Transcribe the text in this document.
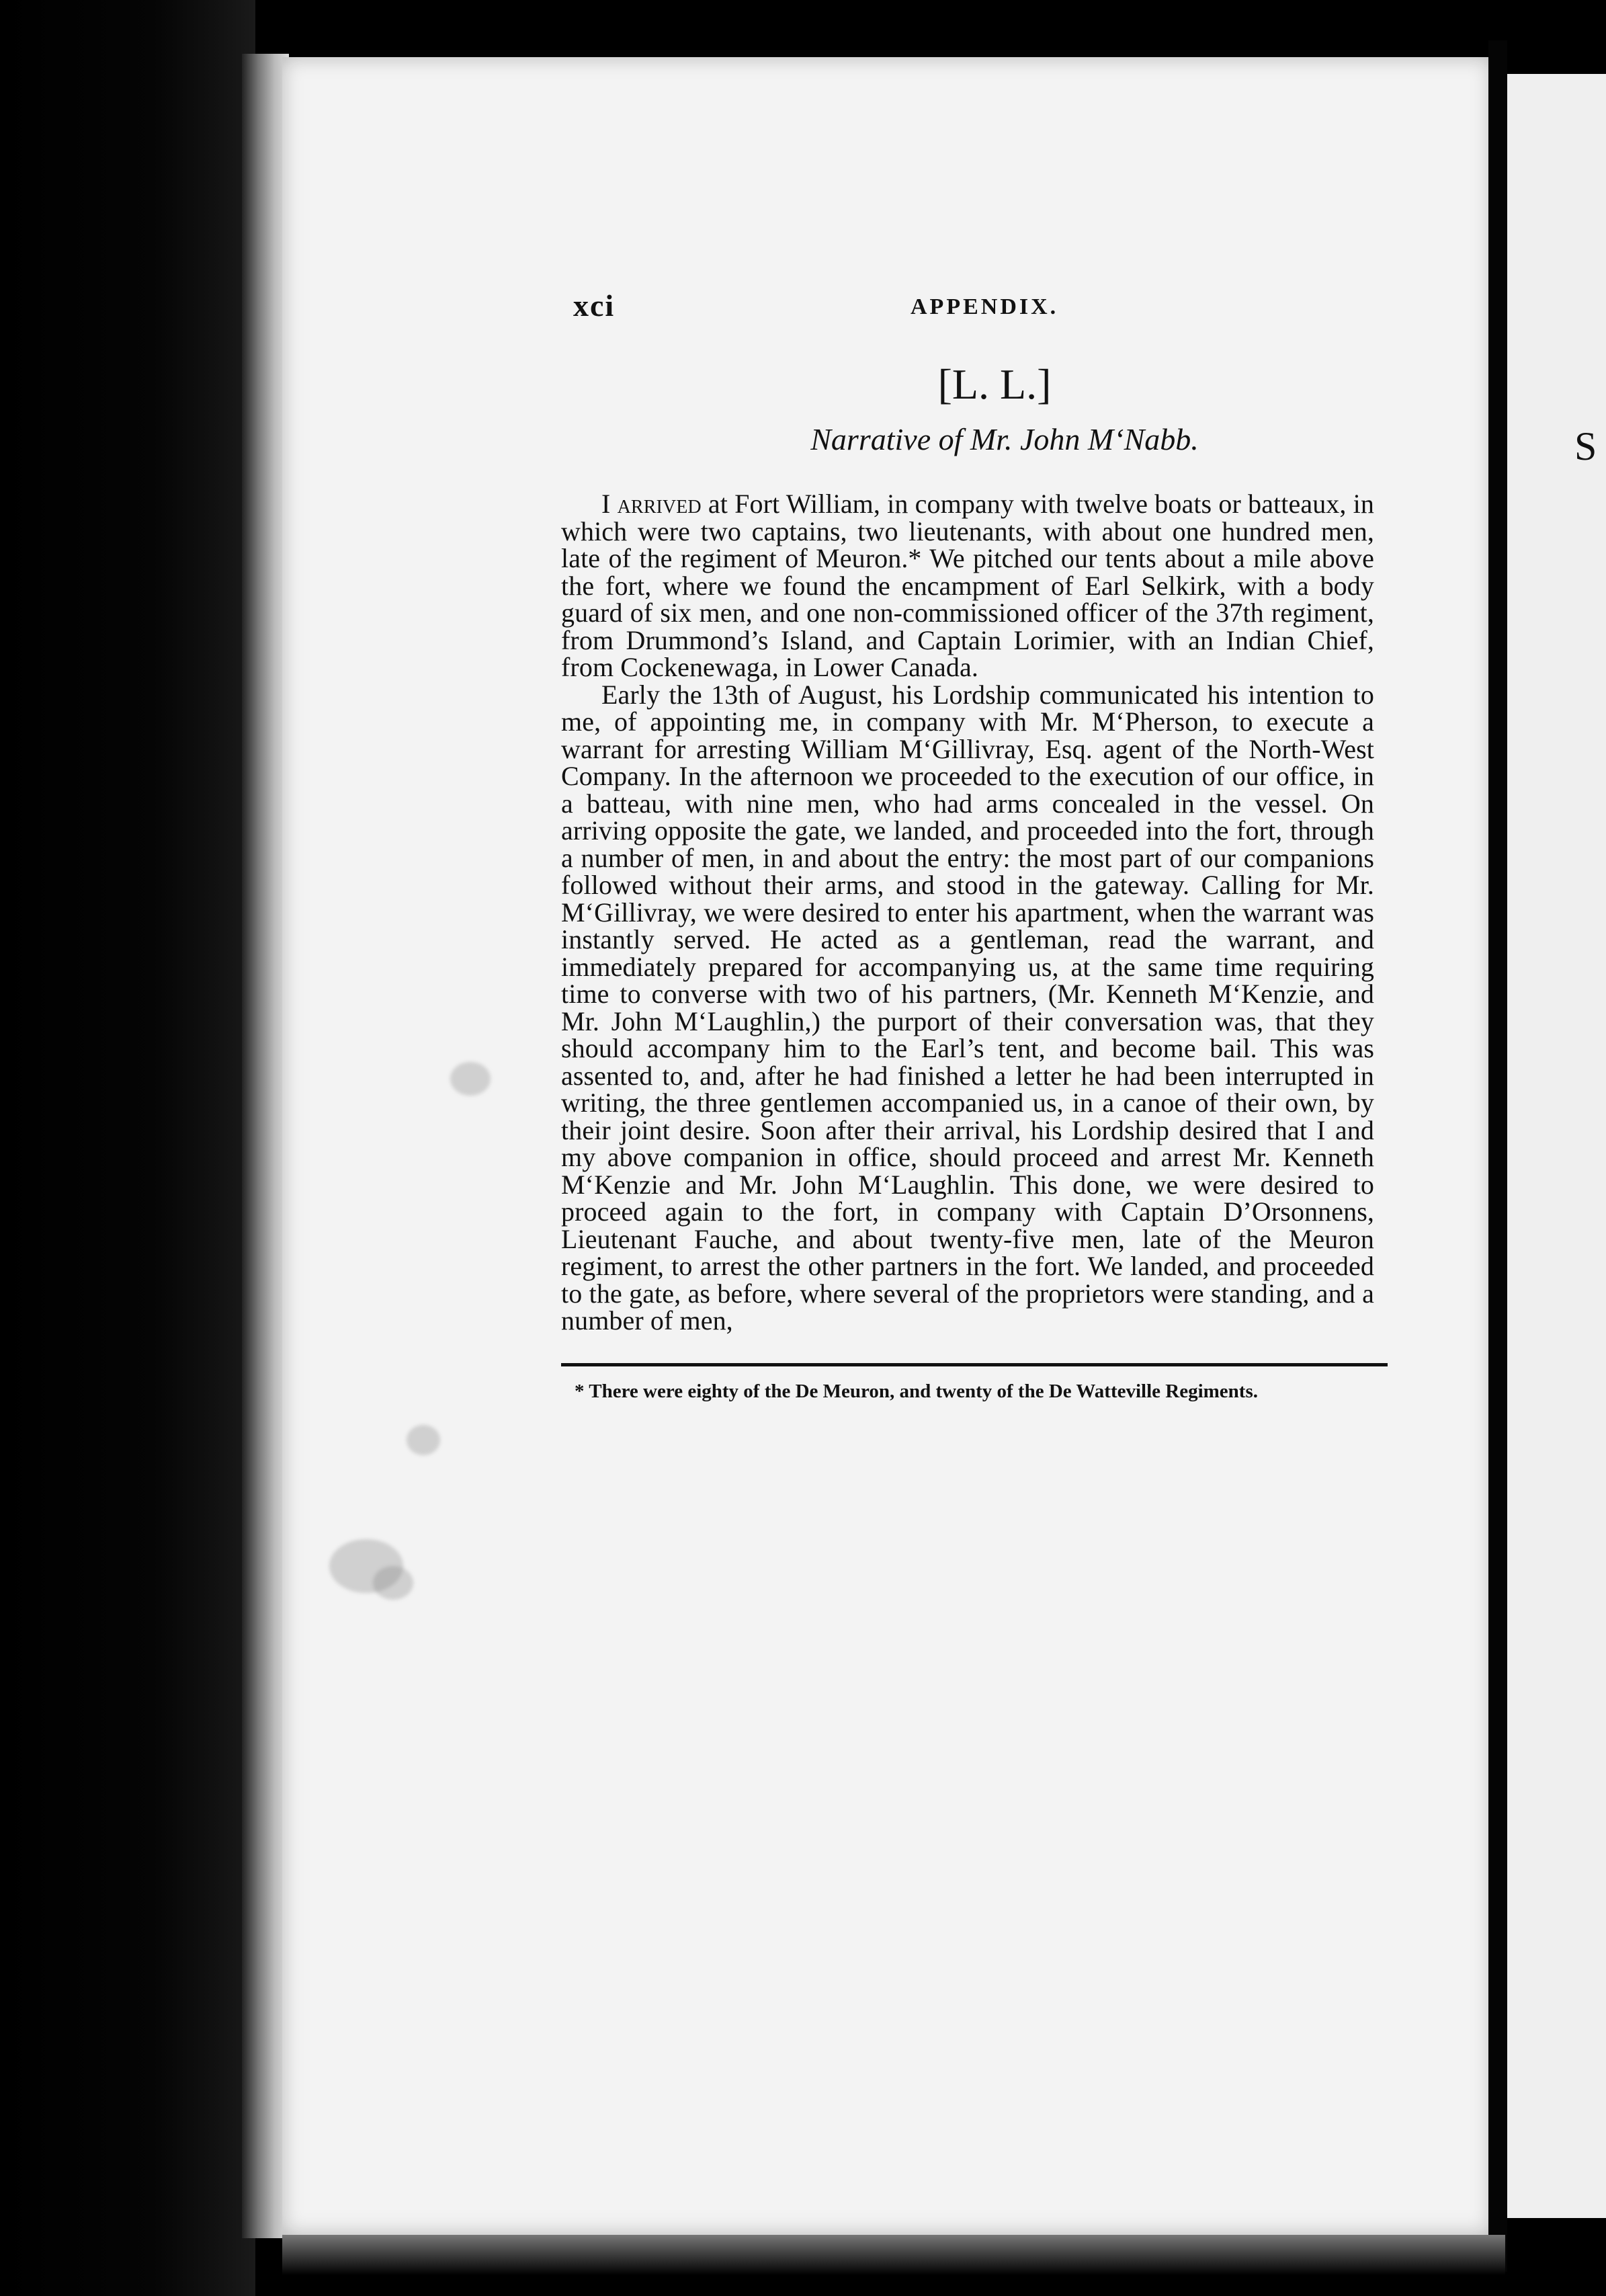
S
xci	APPENDIX.
[L. L.]
Narrative of Mr. John M‘Nabb.

I arrived at Fort William, in company with twelve boats or batteaux, in which were two captains, two lieutenants, with about one hundred men, late of the regiment of Meuron.* We pitched our tents about a mile above the fort, where we found the encampment of Earl Selkirk, with a body guard of six men, and one non-commissioned officer of the 37th regiment, from Drummond’s Island, and Captain Lorimier, with an Indian Chief, from Cockenewaga, in Lower Canada.

Early the 13th of August, his Lordship communicated his intention to me, of appointing me, in company with Mr. M‘Pherson, to execute a warrant for arresting William M‘Gillivray, Esq. agent of the North-West Company. In the afternoon we proceeded to the execution of our office, in a batteau, with nine men, who had arms concealed in the vessel. On arriving opposite the gate, we landed, and proceeded into the fort, through a number of men, in and about the entry: the most part of our companions followed without their arms, and stood in the gateway. Calling for Mr. M‘Gillivray, we were desired to enter his apartment, when the warrant was instantly served. He acted as a gentleman, read the warrant, and immediately prepared for accompanying us, at the same time requiring time to converse with two of his partners, (Mr. Kenneth M‘Kenzie, and Mr. John M‘Laughlin,) the purport of their conversation was, that they should accompany him to the Earl’s tent, and become bail. This was assented to, and, after he had finished a letter he had been interrupted in writing, the three gentlemen accompanied us, in a canoe of their own, by their joint desire. Soon after their arrival, his Lordship desired that I and my above companion in office, should proceed and arrest Mr. Kenneth M‘Kenzie and Mr. John M‘Laughlin. This done, we were desired to proceed again to the fort, in company with Captain D’Orsonnens, Lieutenant Fauche, and about twenty-five men, late of the Meuron regiment, to arrest the other partners in the fort. We landed, and proceeded to the gate, as before, where several of the proprietors were standing, and a number of men,

* There were eighty of the De Meuron, and twenty of the De Watteville Regiments.
